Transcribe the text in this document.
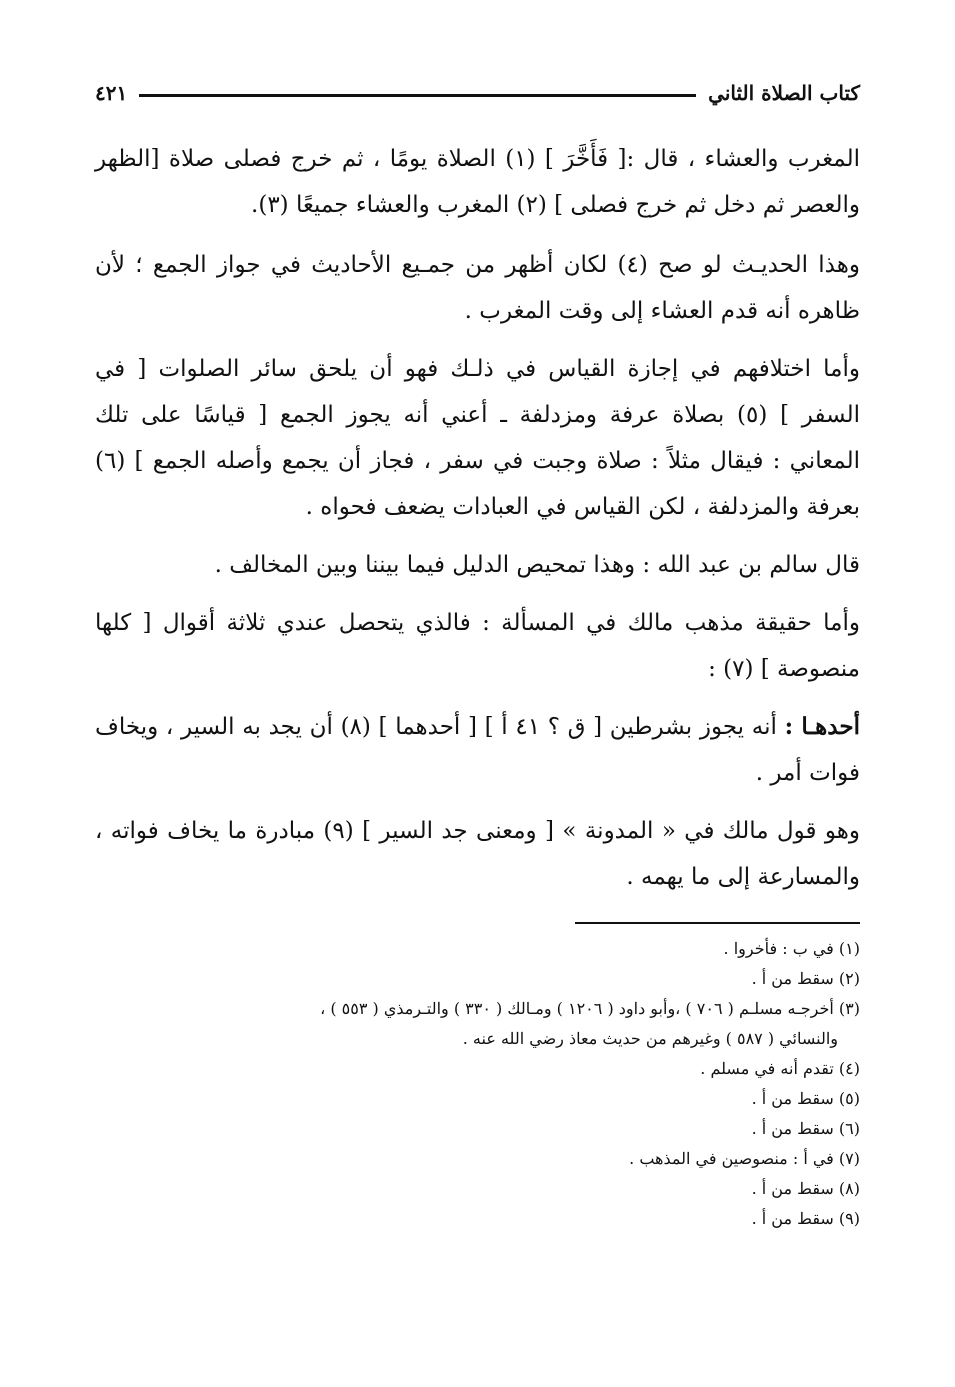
كتاب الصلاة الثاني
٤٢١

المغرب والعشاء ، قال :[ فَأَخَّرَ ] (١) الصلاة يومًا ، ثم خرج فصلى صلاة [الظهر والعصر ثم دخل ثم خرج فصلى ] (٢) المغرب والعشاء جميعًا (٣).

وهذا الحديـث لو صح (٤) لكان أظهر من جمـيع الأحاديث في جواز الجمع ؛ لأن ظاهره أنه قدم العشاء إلى وقت المغرب .

وأما اختلافهم في إجازة القياس في ذلـك فهو أن يلحق سائر الصلوات [ في السفر ] (٥) بصلاة عرفة ومزدلفة ـ أعني أنه يجوز الجمع [ قياسًا على تلك المعاني : فيقال مثلاً : صلاة وجبت في سفر ، فجاز أن يجمع وأصله الجمع ] (٦) بعرفة والمزدلفة ، لكن القياس في العبادات يضعف فحواه .

قال سالم بن عبد الله : وهذا تمحيص الدليل فيما بيننا وبين المخالف .

وأما حقيقة مذهب مالك في المسألة : فالذي يتحصل عندي ثلاثة أقوال [ كلها منصوصة ] (٧) :

أحدهـا : أنه يجوز بشرطين [ ق ؟ ٤١ أ ] [ أحدهما ] (٨) أن يجد به السير ، ويخاف فوات أمر .

وهو قول مالك في « المدونة » [ ومعنى جد السير ] (٩) مبادرة ما يخاف فواته ، والمسارعة إلى ما يهمه .

(١) في ب : فأخروا .

(٢) سقط من أ .

(٣) أخرجـه مسلـم ( ٧٠٦ ) ،وأبو داود ( ١٢٠٦ ) ومـالك ( ٣٣٠ ) والتـرمذي ( ٥٥٣ ) ،

والنسائي ( ٥٨٧ ) وغيرهم من حديث معاذ رضي الله عنه .

(٤) تقدم أنه في مسلم .

(٥) سقط من أ .

(٦) سقط من أ .

(٧) في أ : منصوصين في المذهب .

(٨) سقط من أ .

(٩) سقط من أ .
